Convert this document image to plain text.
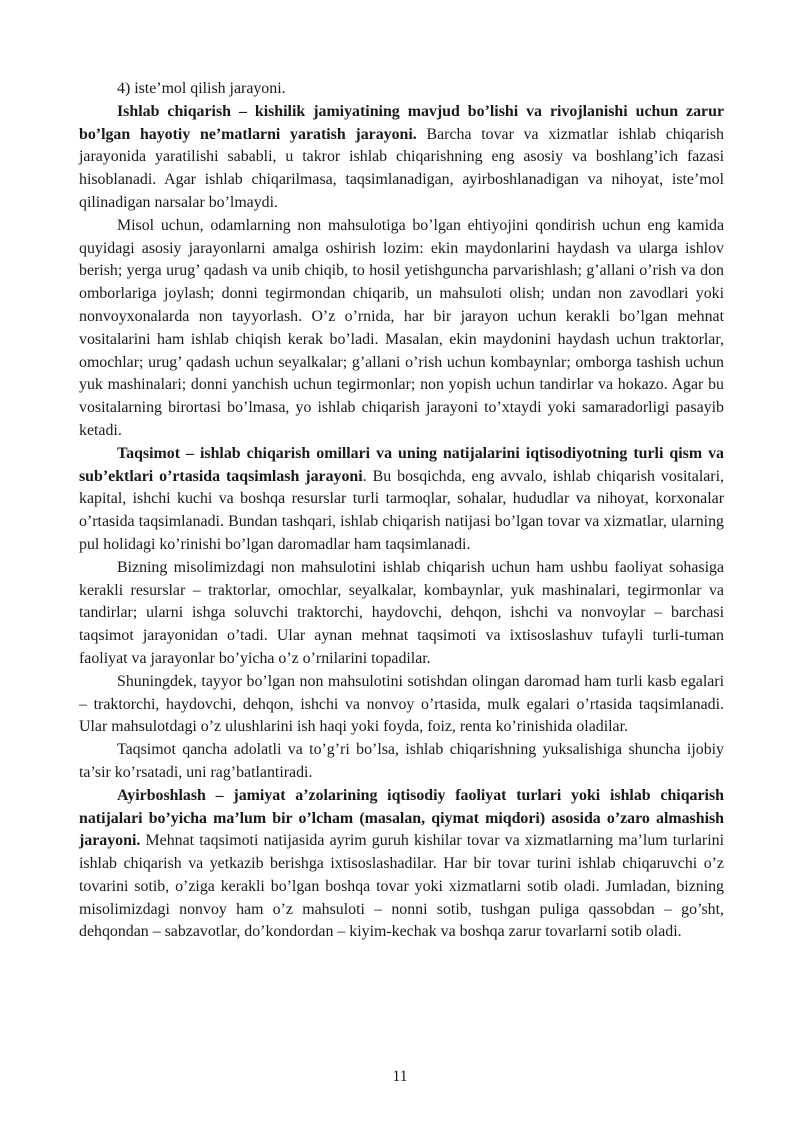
4) iste’mol qilish jarayoni.

Ishlab chiqarish – kishilik jamiyatining mavjud bo’lishi va rivojlanishi uchun zarur bo’lgan hayotiy ne’matlarni yaratish jarayoni. Barcha tovar va xizmatlar ishlab chiqarish jarayonida yaratilishi sababli, u takror ishlab chiqarishning eng asosiy va boshlang’ich fazasi hisoblanadi. Agar ishlab chiqarilmasa, taqsimlanadigan, ayirboshlanadigan va nihoyat, iste’mol qilinadigan narsalar bo’lmaydi.

Misol uchun, odamlarning non mahsulotiga bo’lgan ehtiyojini qondirish uchun eng kamida quyidagi asosiy jarayonlarni amalga oshirish lozim: ekin maydonlarini haydash va ularga ishlov berish; yerga urug’ qadash va unib chiqib, to hosil yetishguncha parvarishlash; g’allani o’rish va don omborlariga joylash; donni tegirmondan chiqarib, un mahsuloti olish; undan non zavodlari yoki nonvoyxonalarda non tayyorlash. O’z o’rnida, har bir jarayon uchun kerakli bo’lgan mehnat vositalarini ham ishlab chiqish kerak bo’ladi. Masalan, ekin maydonini haydash uchun traktorlar, omochlar; urug’ qadash uchun seyalkalar; g’allani o’rish uchun kombaynlar; omborga tashish uchun yuk mashinalari; donni yanchish uchun tegirmonlar; non yopish uchun tandirlar va hokazo. Agar bu vositalarning birortasi bo’lmasa, yo ishlab chiqarish jarayoni to’xtaydi yoki samaradorligi pasayib ketadi.

Taqsimot – ishlab chiqarish omillari va uning natijalarini iqtisodiyotning turli qism va sub’ektlari o’rtasida taqsimlash jarayoni. Bu bosqichda, eng avvalo, ishlab chiqarish vositalari, kapital, ishchi kuchi va boshqa resurslar turli tarmoqlar, sohalar, hududlar va nihoyat, korxonalar o’rtasida taqsimlanadi. Bundan tashqari, ishlab chiqarish natijasi bo’lgan tovar va xizmatlar, ularning pul holidagi ko’rinishi bo’lgan daromadlar ham taqsimlanadi.

Bizning misolimizdagi non mahsulotini ishlab chiqarish uchun ham ushbu faoliyat sohasiga kerakli resurslar – traktorlar, omochlar, seyalkalar, kombaynlar, yuk mashinalari, tegirmonlar va tandirlar; ularni ishga soluvchi traktorchi, haydovchi, dehqon, ishchi va nonvoylar – barchasi taqsimot jarayonidan o’tadi. Ular aynan mehnat taqsimoti va ixtisoslashuv tufayli turli-tuman faoliyat va jarayonlar bo’yicha o’z o’rnilarini topadilar.

Shuningdek, tayyor bo’lgan non mahsulotini sotishdan olingan daromad ham turli kasb egalari – traktorchi, haydovchi, dehqon, ishchi va nonvoy o’rtasida, mulk egalari o’rtasida taqsimlanadi. Ular mahsulotdagi o’z ulushlarini ish haqi yoki foyda, foiz, renta ko’rinishida oladilar.

Taqsimot qancha adolatli va to’g’ri bo’lsa, ishlab chiqarishning yuksalishiga shuncha ijobiy ta’sir ko’rsatadi, uni rag’batlantiradi.

Ayirboshlash – jamiyat a’zolarining iqtisodiy faoliyat turlari yoki ishlab chiqarish natijalari bo’yicha ma’lum bir o’lcham (masalan, qiymat miqdori) asosida o’zaro almashish jarayoni. Mehnat taqsimoti natijasida ayrim guruh kishilar tovar va xizmatlarning ma’lum turlarini ishlab chiqarish va yetkazib berishga ixtisoslashadilar. Har bir tovar turini ishlab chiqaruvchi o’z tovarini sotib, o’ziga kerakli bo’lgan boshqa tovar yoki xizmatlarni sotib oladi. Jumladan, bizning misolimizdagi nonvoy ham o’z mahsuloti – nonni sotib, tushgan puliga qassobdan – go’sht, dehqondan – sabzavotlar, do’kondordan – kiyim-kechak va boshqa zarur tovarlarni sotib oladi.

11
